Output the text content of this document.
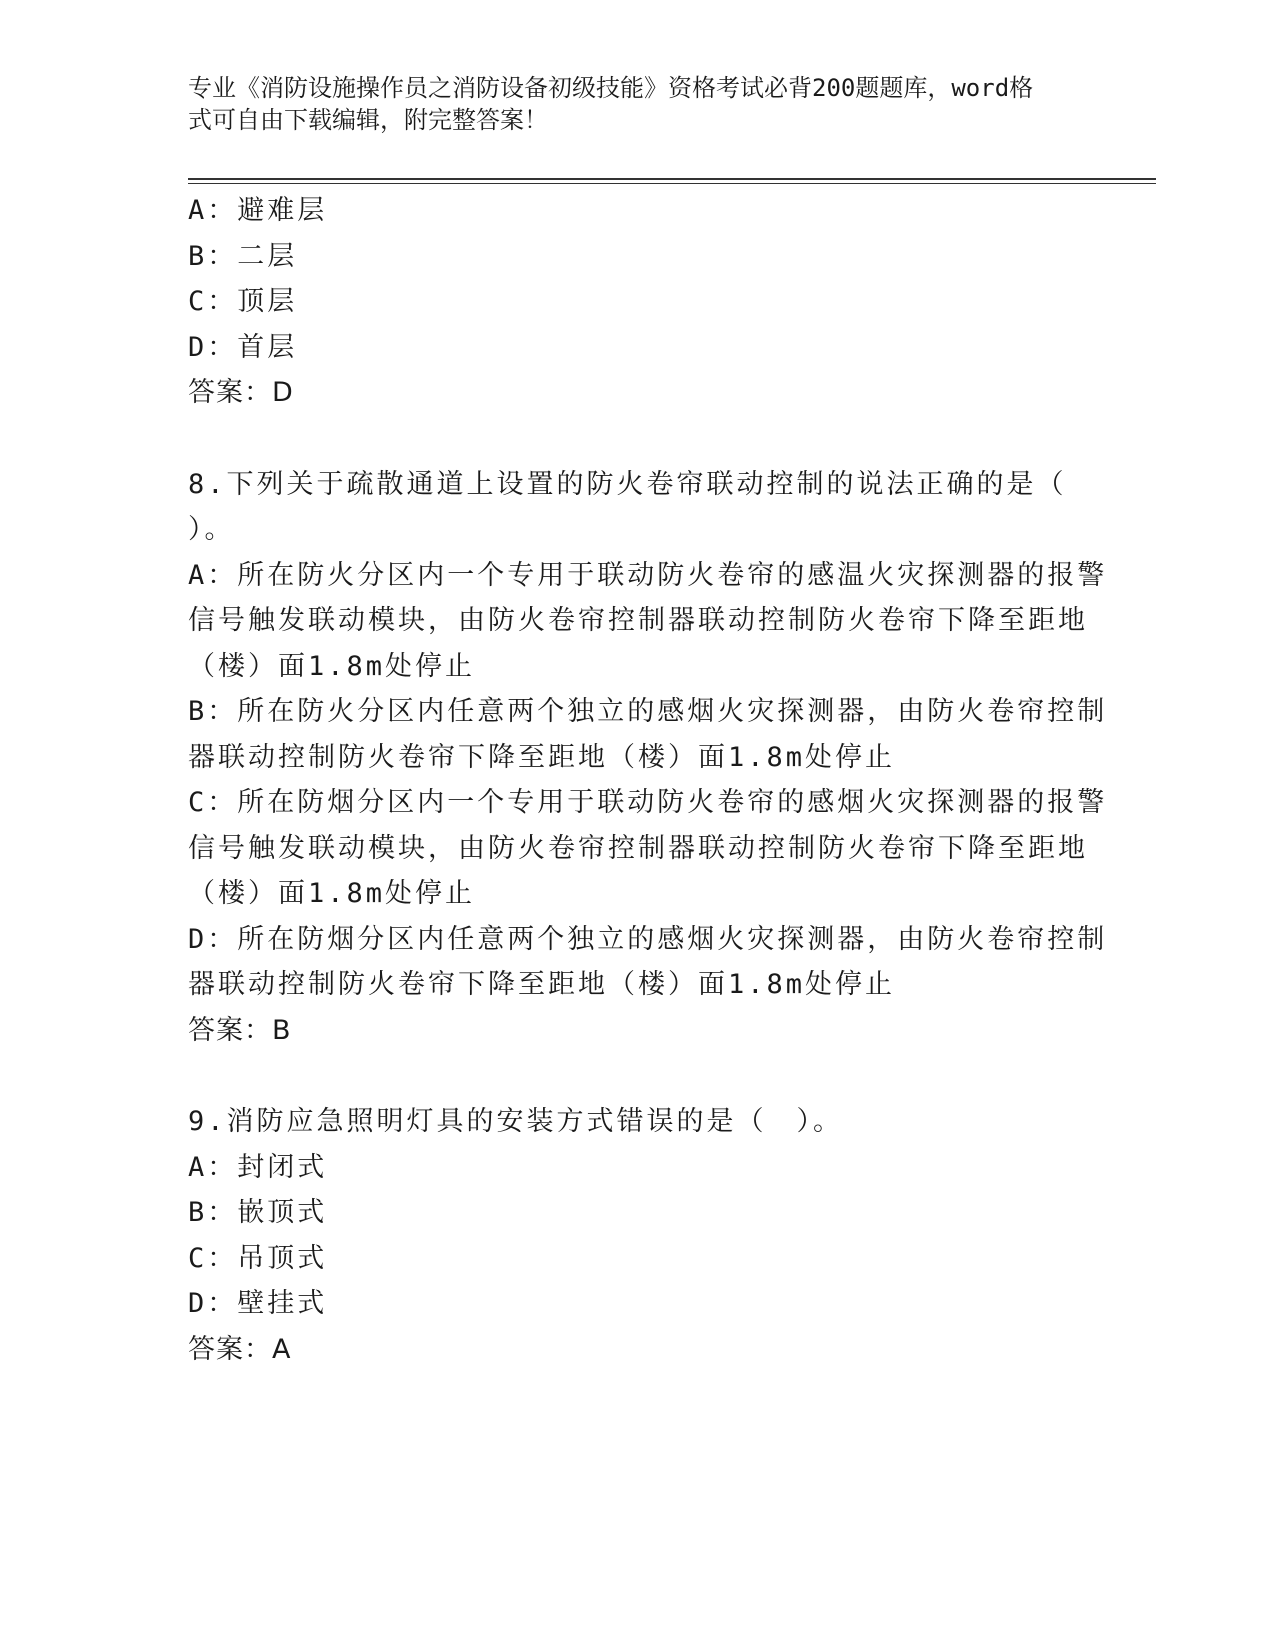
专业《消防设施操作员之消防设备初级技能》资格考试必背200题题库，word格
式可自由下载编辑，附完整答案！
A：避难层
B：二层
C：顶层
D：首层
答案：D
8.下列关于疏散通道上设置的防火卷帘联动控制的说法正确的是（
）。
A：所在防火分区内一个专用于联动防火卷帘的感温火灾探测器的报警
信号触发联动模块，由防火卷帘控制器联动控制防火卷帘下降至距地
（楼）面1.8m处停止
B：所在防火分区内任意两个独立的感烟火灾探测器，由防火卷帘控制
器联动控制防火卷帘下降至距地（楼）面1.8m处停止
C：所在防烟分区内一个专用于联动防火卷帘的感烟火灾探测器的报警
信号触发联动模块，由防火卷帘控制器联动控制防火卷帘下降至距地
（楼）面1.8m处停止
D：所在防烟分区内任意两个独立的感烟火灾探测器，由防火卷帘控制
器联动控制防火卷帘下降至距地（楼）面1.8m处停止
答案：B
9.消防应急照明灯具的安装方式错误的是（　）。
A：封闭式
B：嵌顶式
C：吊顶式
D：壁挂式
答案：A
